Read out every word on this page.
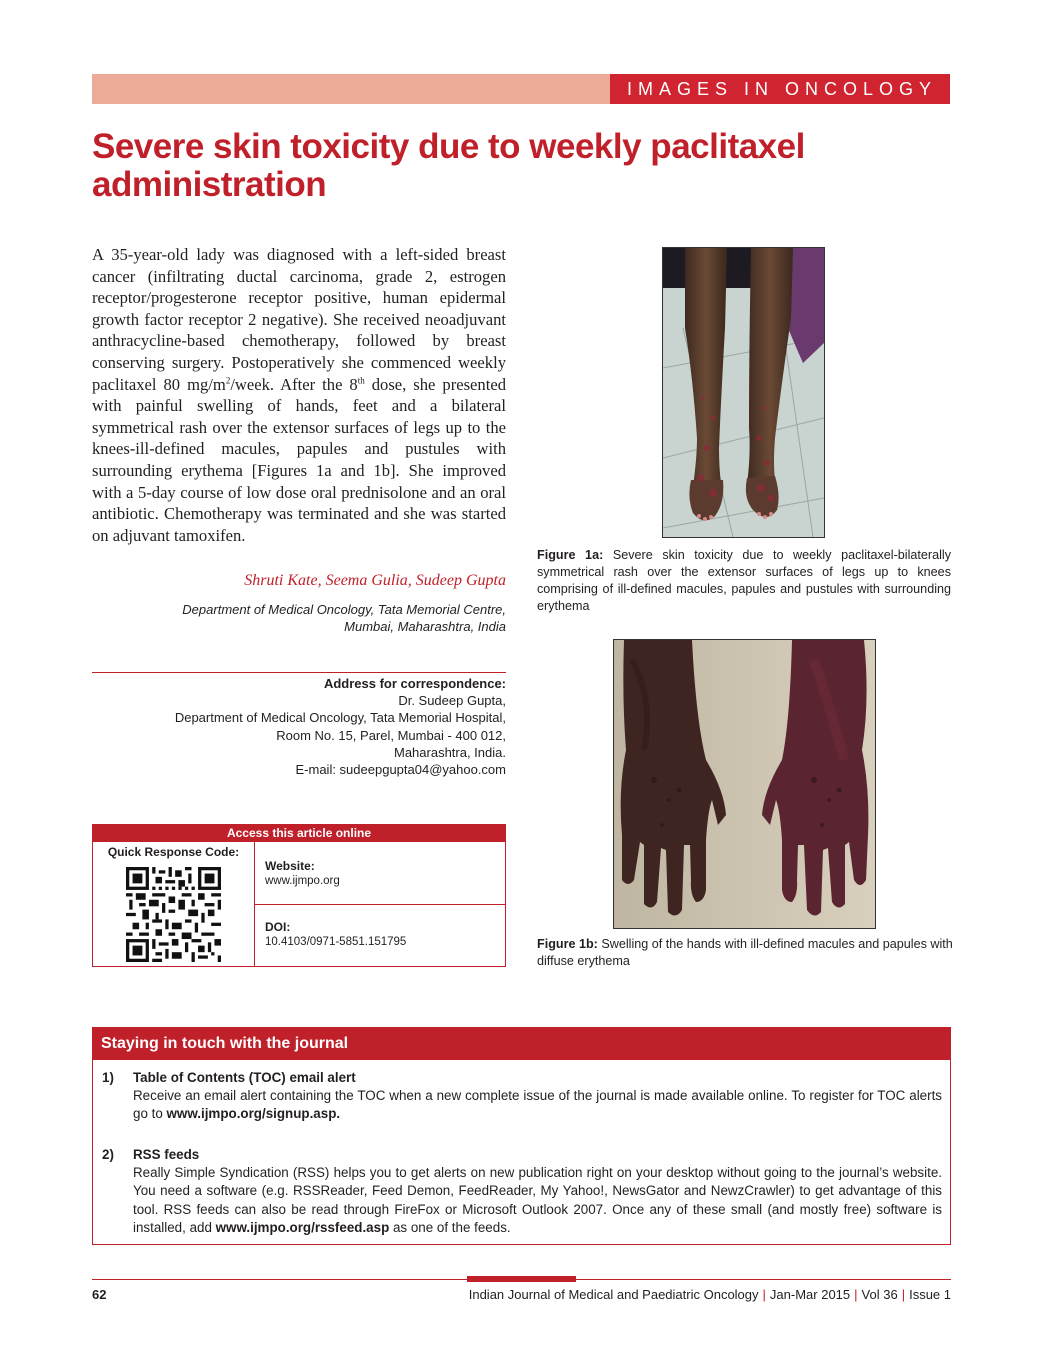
IMAGES IN ONCOLOGY
Severe skin toxicity due to weekly paclitaxel administration

A 35-year-old lady was diagnosed with a left-sided breast cancer (infiltrating ductal carcinoma, grade 2, estrogen receptor/progesterone receptor positive, human epidermal growth factor receptor 2 negative). She received neoadjuvant anthracycline-based chemotherapy, followed by breast conserving surgery. Postoperatively she commenced weekly paclitaxel 80 $mg/m^2$/week. After the 8th dose, she presented with painful swelling of hands, feet and a bilateral symmetrical rash over the extensor surfaces of legs up to the knees-ill-defined macules, papules and pustules with surrounding erythema [Figures 1a and 1b]. She improved with a 5-day course of low dose oral prednisolone and an oral antibiotic. Chemotherapy was terminated and she was started on adjuvant tamoxifen.

Shruti Kate, Seema Gulia, Sudeep Gupta
Department of Medical Oncology, Tata Memorial Centre,
Mumbai, Maharashtra, India
Address for correspondence:
Dr. Sudeep Gupta,
Department of Medical Oncology, Tata Memorial Hospital,
Room No. 15, Parel, Mumbai - 400 012,
Maharashtra, India.
E-mail: sudeepgupta04@yahoo.com
Access this article online
Quick Response Code:
Website:
www.ijmpo.org
DOI:
10.4103/0971-5851.151795

Figure 1a: Severe skin toxicity due to weekly paclitaxel-bilaterally symmetrical rash over the extensor surfaces of legs up to knees comprising of ill-defined macules, papules and pustules with surrounding erythema

Figure 1b: Swelling of the hands with ill-defined macules and papules with diffuse erythema

Staying in touch with the journal
1) Table of Contents (TOC) email alert
Receive an email alert containing the TOC when a new complete issue of the journal is made available online. To register for TOC alerts go to www.ijmpo.org/signup.asp.
2) RSS feeds
Really Simple Syndication (RSS) helps you to get alerts on new publication right on your desktop without going to the journal’s website. You need a software (e.g. RSSReader, Feed Demon, FeedReader, My Yahoo!, NewsGator and NewzCrawler) to get advantage of this tool. RSS feeds can also be read through FireFox or Microsoft Outlook 2007. Once any of these small (and mostly free) software is installed, add www.ijmpo.org/rssfeed.asp as one of the feeds.
62	Indian Journal of Medical and Paediatric Oncology | Jan-Mar 2015 | Vol 36 | Issue 1
